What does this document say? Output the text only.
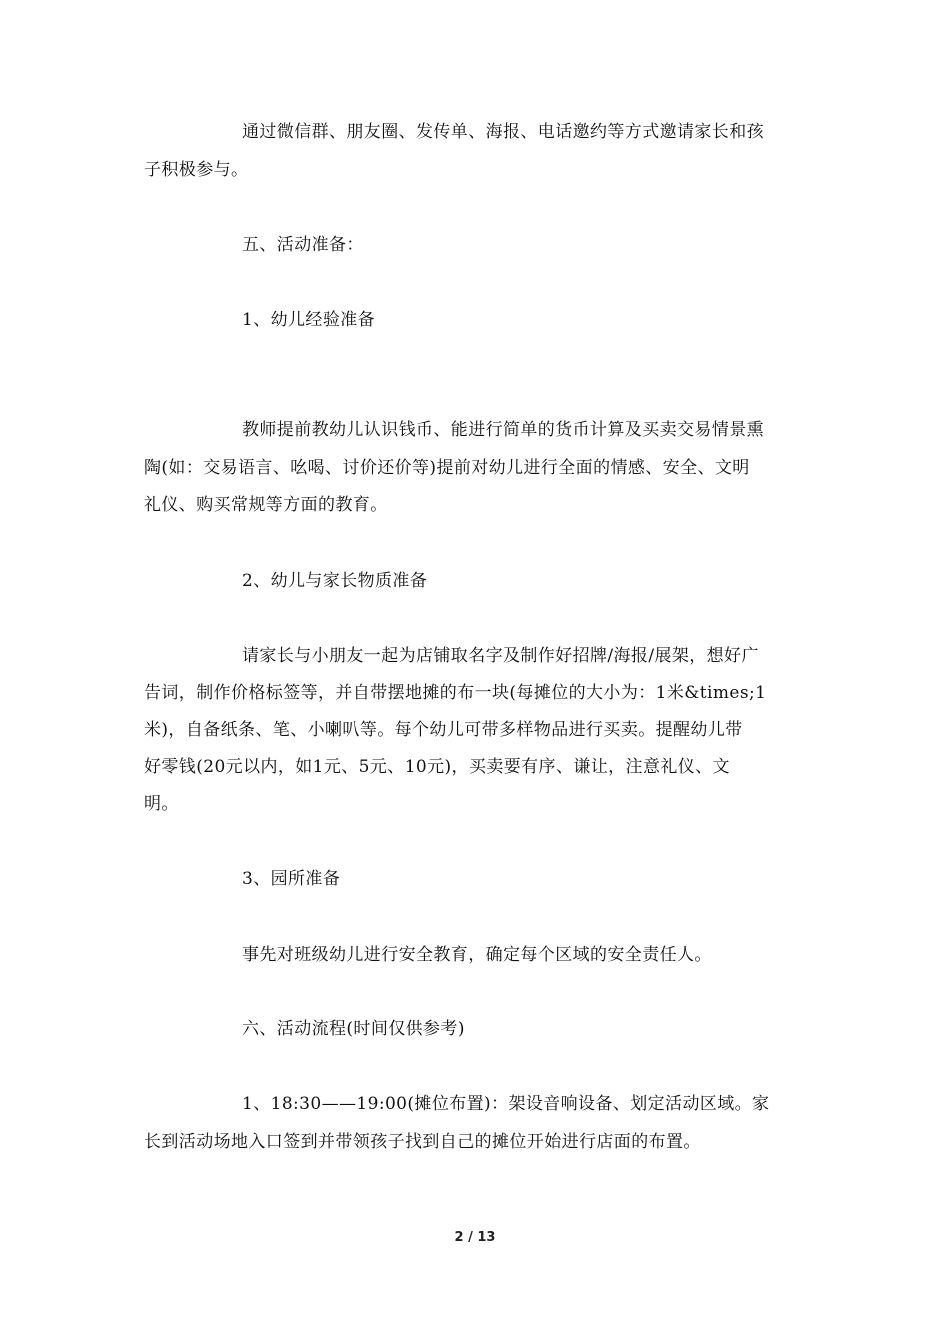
通过微信群、朋友圈、发传单、海报、电话邀约等方式邀请家长和孩
子积极参与。
五、活动准备：
1、幼儿经验准备
教师提前教幼儿认识钱币、能进行简单的货币计算及买卖交易情景熏
陶(如：交易语言、吆喝、讨价还价等)提前对幼儿进行全面的情感、安全、文明
礼仪、购买常规等方面的教育。
2、幼儿与家长物质准备
请家长与小朋友一起为店铺取名字及制作好招牌/海报/展架，想好广
告词，制作价格标签等，并自带摆地摊的布一块(每摊位的大小为：1米&times;1
米)，自备纸条、笔、小喇叭等。每个幼儿可带多样物品进行买卖。提醒幼儿带
好零钱(20元以内，如1元、5元、10元)，买卖要有序、谦让，注意礼仪、文
明。
3、园所准备
事先对班级幼儿进行安全教育，确定每个区域的安全责任人。
六、活动流程(时间仅供参考)
1、18:30——19:00(摊位布置)：架设音响设备、划定活动区域。家
长到活动场地入口签到并带领孩子找到自己的摊位开始进行店面的布置。
2 / 13
